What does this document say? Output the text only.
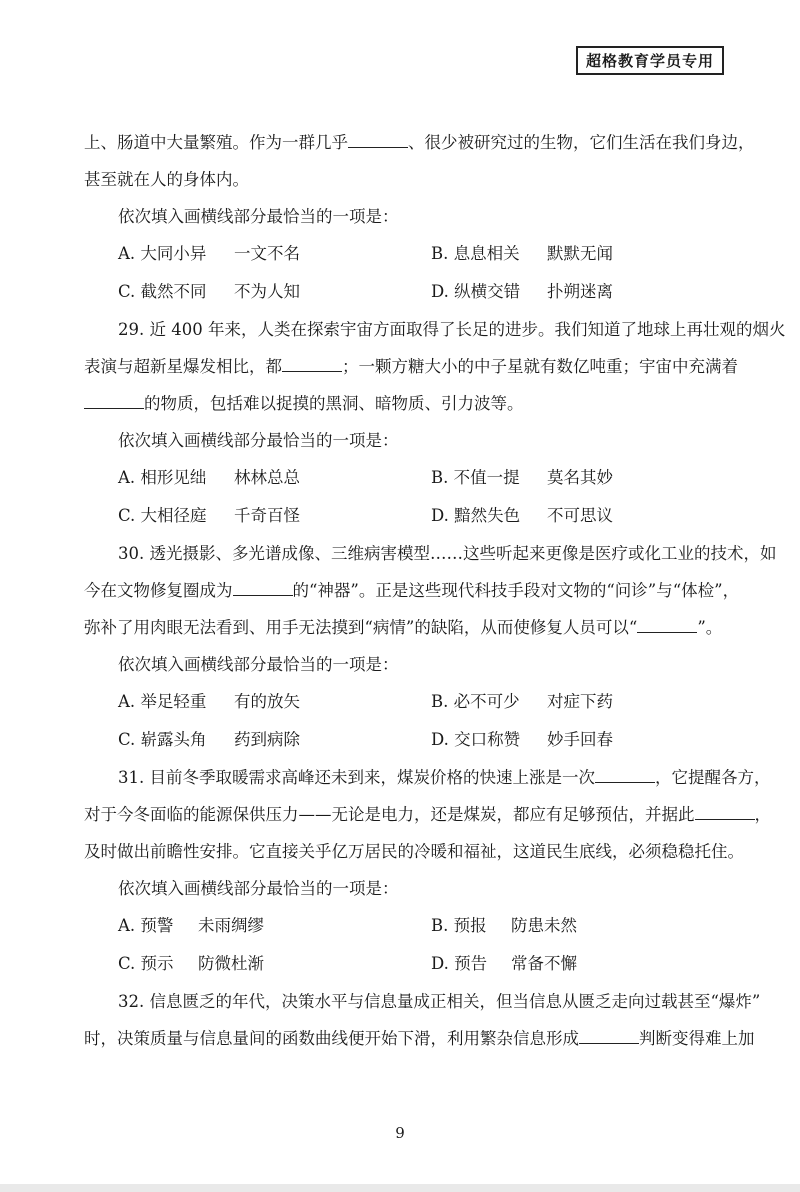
超格教育学员专用

上、肠道中大量繁殖。作为一群几乎	、很少被研究过的生物，它们生活在我们身边，

甚至就在人的身体内。

依次填入画横线部分最恰当的一项是：

A. 大同小异	一文不名	B. 息息相关	默默无闻
C. 截然不同	不为人知	D. 纵横交错	扑朔迷离

29. 近 400 年来，人类在探索宇宙方面取得了长足的进步。我们知道了地球上再壮观的烟火

表演与超新星爆发相比，都	；一颗方糖大小的中子星就有数亿吨重；宇宙中充满着

的物质，包括难以捉摸的黑洞、暗物质、引力波等。

依次填入画横线部分最恰当的一项是：

A. 相形见绌	林林总总	B. 不值一提	莫名其妙
C. 大相径庭	千奇百怪	D. 黯然失色	不可思议

30. 透光摄影、多光谱成像、三维病害模型……这些听起来更像是医疗或化工业的技术，如

今在文物修复圈成为	的“神器”。正是这些现代科技手段对文物的“问诊”与“体检”，

弥补了用肉眼无法看到、用手无法摸到“病情”的缺陷，从而使修复人员可以“	”。

依次填入画横线部分最恰当的一项是：

A. 举足轻重	有的放矢	B. 必不可少	对症下药
C. 崭露头角	药到病除	D. 交口称赞	妙手回春

31. 目前冬季取暖需求高峰还未到来，煤炭价格的快速上涨是一次	，它提醒各方，

对于今冬面临的能源保供压力——无论是电力，还是煤炭，都应有足够预估，并据此	，

及时做出前瞻性安排。它直接关乎亿万居民的冷暖和福祉，这道民生底线，必须稳稳托住。

依次填入画横线部分最恰当的一项是：

A. 预警	未雨绸缪	B. 预报	防患未然
C. 预示	防微杜渐	D. 预告	常备不懈

32. 信息匮乏的年代，决策水平与信息量成正相关，但当信息从匮乏走向过载甚至“爆炸”

时，决策质量与信息量间的函数曲线便开始下滑，利用繁杂信息形成	判断变得难上加

9
